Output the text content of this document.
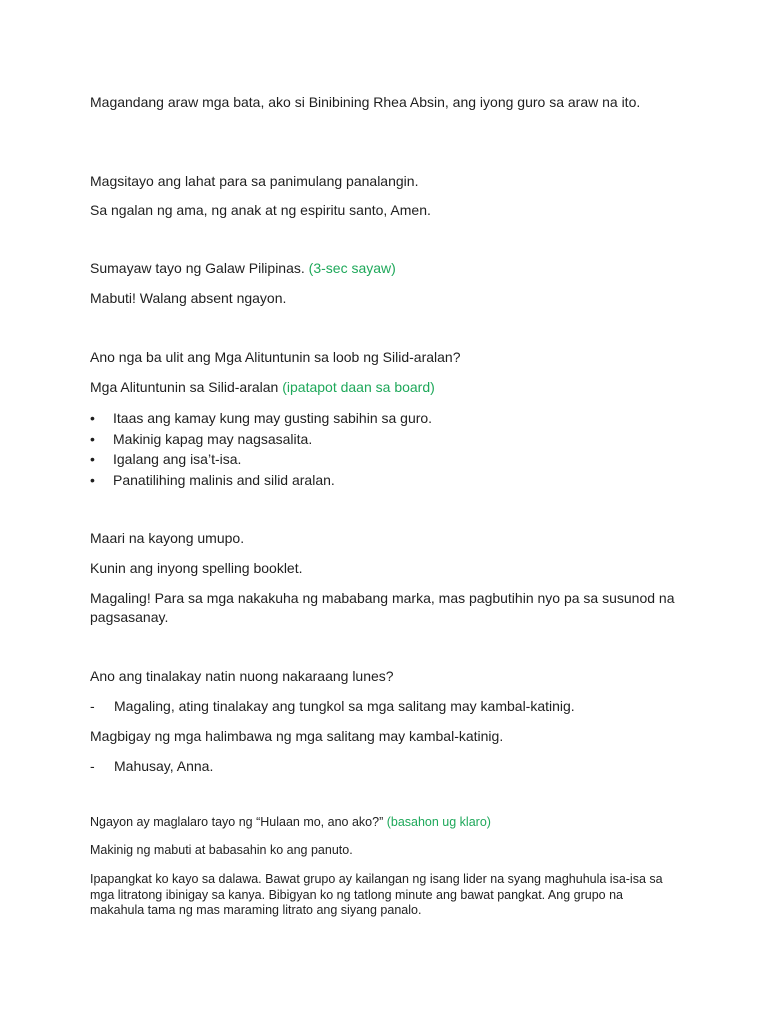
Magandang araw mga bata, ako si Binibining Rhea Absin, ang iyong guro sa araw na ito.

Magsitayo ang lahat para sa panimulang panalangin.

Sa ngalan ng ama, ng anak at ng espiritu santo, Amen.

Sumayaw tayo ng Galaw Pilipinas. (3-sec sayaw)

Mabuti! Walang absent ngayon.

Ano nga ba ulit ang Mga Alituntunin sa loob ng Silid-aralan?

Mga Alituntunin sa Silid-aralan (ipatapot daan sa board)

•	Itaas ang kamay kung may gusting sabihin sa guro.
•	Makinig kapag may nagsasalita.
•	Igalang ang isa’t-isa.
•	Panatilihing malinis and silid aralan.

Maari na kayong umupo.

Kunin ang inyong spelling booklet.

Magaling! Para sa mga nakakuha ng mababang marka, mas pagbutihin nyo pa sa susunod na pagsasanay.

Ano ang tinalakay natin nuong nakaraang lunes?

- Magaling, ating tinalakay ang tungkol sa mga salitang may kambal-katinig.

Magbigay ng mga halimbawa ng mga salitang may kambal-katinig.

- Mahusay, Anna.

Ngayon ay maglalaro tayo ng “Hulaan mo, ano ako?” (basahon ug klaro)

Makinig ng mabuti at babasahin ko ang panuto.

Ipapangkat ko kayo sa dalawa. Bawat grupo ay kailangan ng isang lider na syang maghuhula isa-isa sa mga litratong ibinigay sa kanya. Bibigyan ko ng tatlong minute ang bawat pangkat. Ang grupo na makahula tama ng mas maraming litrato ang siyang panalo.
